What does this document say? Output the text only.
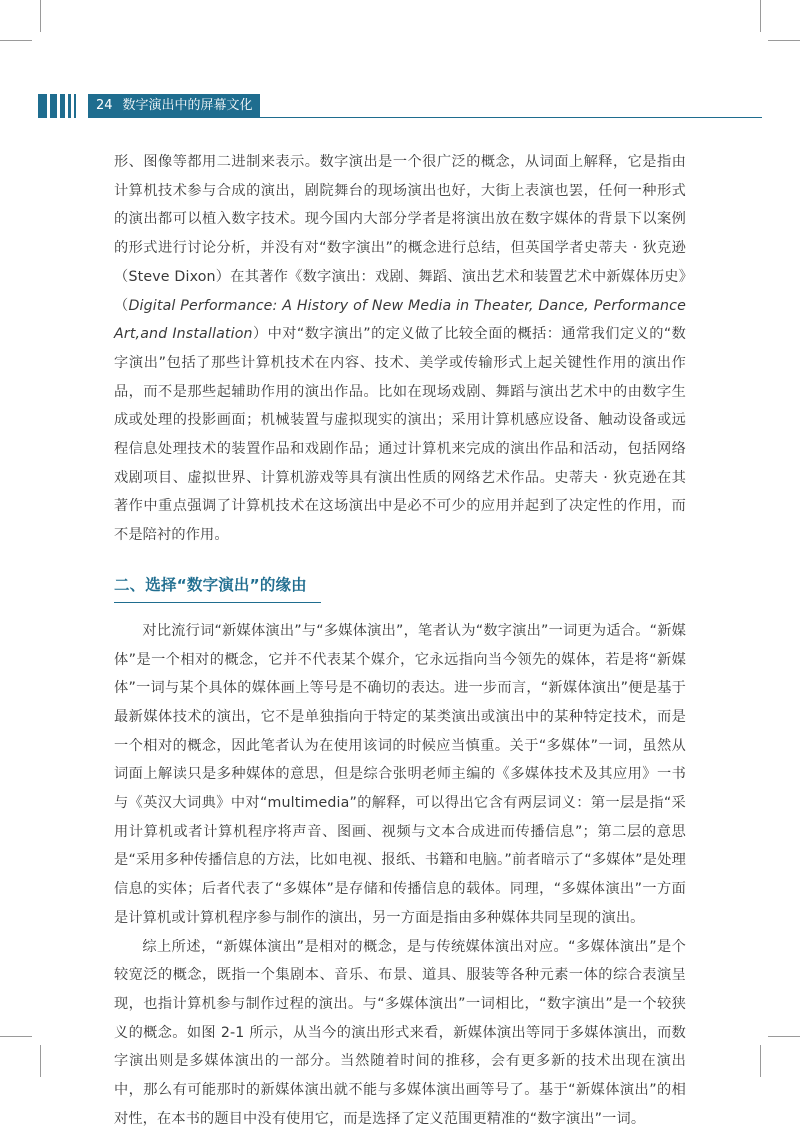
24 数字演出中的屏幕文化

形、图像等都用二进制来表示。数字演出是一个很广泛的概念，从词面上解释，它是指由计算机技术参与合成的演出，剧院舞台的现场演出也好，大街上表演也罢，任何一种形式的演出都可以植入数字技术。现今国内大部分学者是将演出放在数字媒体的背景下以案例的形式进行讨论分析，并没有对“数字演出”的概念进行总结，但英国学者史蒂夫 · 狄克逊（Steve Dixon）在其著作《数字演出：戏剧、舞蹈、演出艺术和装置艺术中新媒体历史》（Digital Performance: A History of New Media in Theater, Dance, Performance Art,and Installation）中对“数字演出”的定义做了比较全面的概括：通常我们定义的“数字演出”包括了那些计算机技术在内容、技术、美学或传输形式上起关键性作用的演出作品，而不是那些起辅助作用的演出作品。比如在现场戏剧、舞蹈与演出艺术中的由数字生成或处理的投影画面；机械装置与虚拟现实的演出；采用计算机感应设备、触动设备或远程信息处理技术的装置作品和戏剧作品；通过计算机来完成的演出作品和活动，包括网络戏剧项目、虚拟世界、计算机游戏等具有演出性质的网络艺术作品。史蒂夫 · 狄克逊在其著作中重点强调了计算机技术在这场演出中是必不可少的应用并起到了决定性的作用，而不是陪衬的作用。

二、选择“数字演出”的缘由

对比流行词“新媒体演出”与“多媒体演出”，笔者认为“数字演出”一词更为适合。“新媒体”是一个相对的概念，它并不代表某个媒介，它永远指向当今领先的媒体，若是将“新媒体”一词与某个具体的媒体画上等号是不确切的表达。进一步而言，“新媒体演出”便是基于最新媒体技术的演出，它不是单独指向于特定的某类演出或演出中的某种特定技术，而是一个相对的概念，因此笔者认为在使用该词的时候应当慎重。关于“多媒体”一词，虽然从词面上解读只是多种媒体的意思，但是综合张明老师主编的《多媒体技术及其应用》一书与《英汉大词典》中对“multimedia”的解释，可以得出它含有两层词义：第一层是指“采用计算机或者计算机程序将声音、图画、视频与文本合成进而传播信息”；第二层的意思是“采用多种传播信息的方法，比如电视、报纸、书籍和电脑。”前者暗示了“多媒体”是处理信息的实体；后者代表了“多媒体”是存储和传播信息的载体。同理，“多媒体演出”一方面是计算机或计算机程序参与制作的演出，另一方面是指由多种媒体共同呈现的演出。

综上所述，“新媒体演出”是相对的概念，是与传统媒体演出对应。“多媒体演出”是个较宽泛的概念，既指一个集剧本、音乐、布景、道具、服装等各种元素一体的综合表演呈现，也指计算机参与制作过程的演出。与“多媒体演出”一词相比，“数字演出”是一个较狭义的概念。如图 2-1 所示，从当今的演出形式来看，新媒体演出等同于多媒体演出，而数字演出则是多媒体演出的一部分。当然随着时间的推移，会有更多新的技术出现在演出中，那么有可能那时的新媒体演出就不能与多媒体演出画等号了。基于“新媒体演出”的相对性，在本书的题目中没有使用它，而是选择了定义范围更精准的“数字演出”一词。
